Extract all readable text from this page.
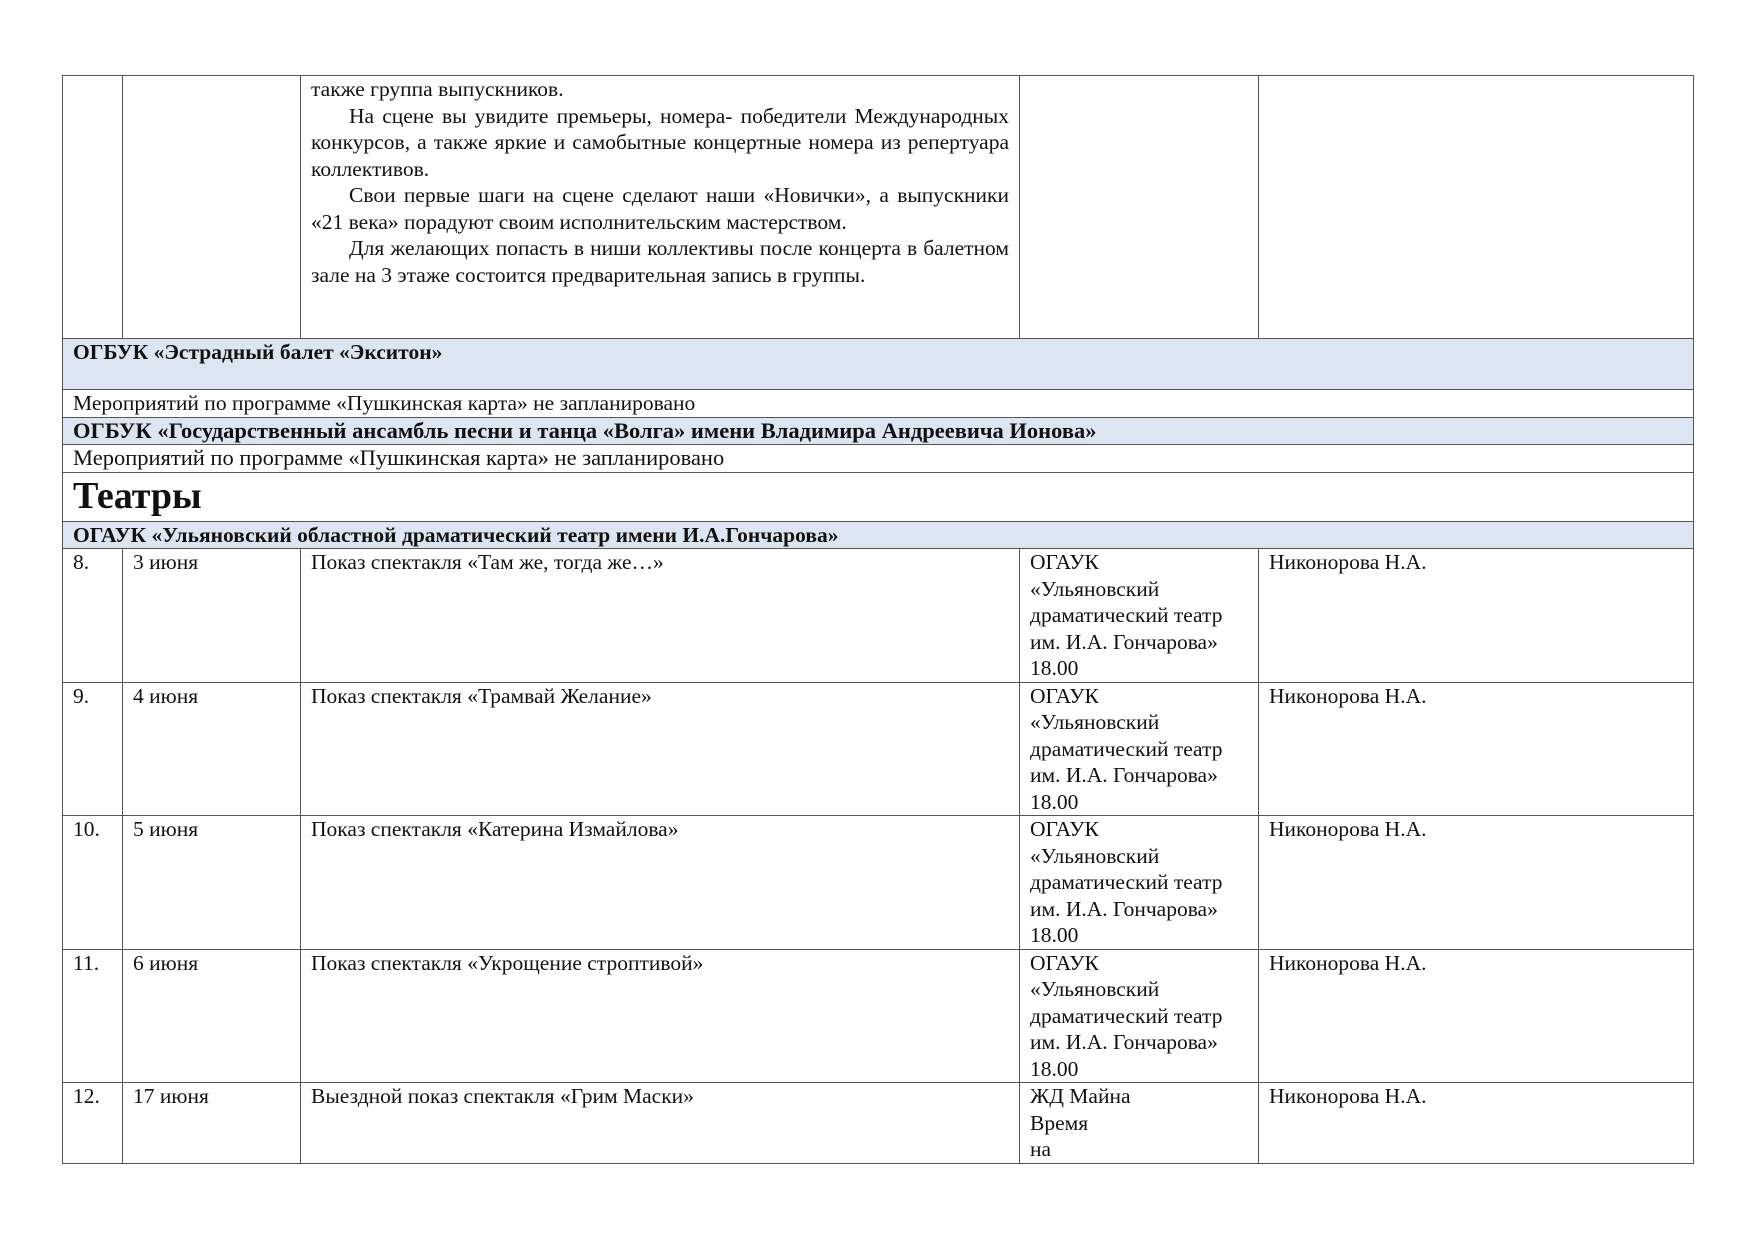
		также группа выпускников.

На сцене вы увидите премьеры, номера- победители Международных конкурсов, а также яркие и самобытные концертные номера из репертуара коллективов.

Свои первые шаги на сцене сделают наши «Новички», а выпускники «21 века» порадуют своим исполнительским мастерством.

Для желающих попасть в ниши коллективы после концерта в балетном зале на 3 этаже состоится предварительная запись в группы.		

ОГБУК «Эстрадный балет «Экситон»				
Мероприятий по программе «Пушкинская карта» не запланировано				
ОГБУК «Государственный ансамбль песни и танца «Волга» имени Владимира Андреевича Ионова»				
Мероприятий по программе «Пушкинская карта» не запланировано				
Театры				
ОГАУК «Ульяновский областной драматический театр имени И.А.Гончарова»				
8.	3 июня	Показ спектакля «Там же, тогда же…»	ОГАУК
«Ульяновский
драматический театр
им. И.А. Гончарова»
18.00	Никонорова Н.А.
9.	4 июня	Показ спектакля «Трамвай Желание»	ОГАУК
«Ульяновский
драматический театр
им. И.А. Гончарова»
18.00	Никонорова Н.А.
10.	5 июня	Показ спектакля «Катерина Измайлова»	ОГАУК
«Ульяновский
драматический театр
им. И.А. Гончарова»
18.00	Никонорова Н.А.
11.	6 июня	Показ спектакля «Укрощение строптивой»	ОГАУК
«Ульяновский
драматический театр
им. И.А. Гончарова»
18.00	Никонорова Н.А.
12.	17 июня	Выездной показ спектакля «Грим Маски»	ЖД Майна
Время
на	Никонорова Н.А.
